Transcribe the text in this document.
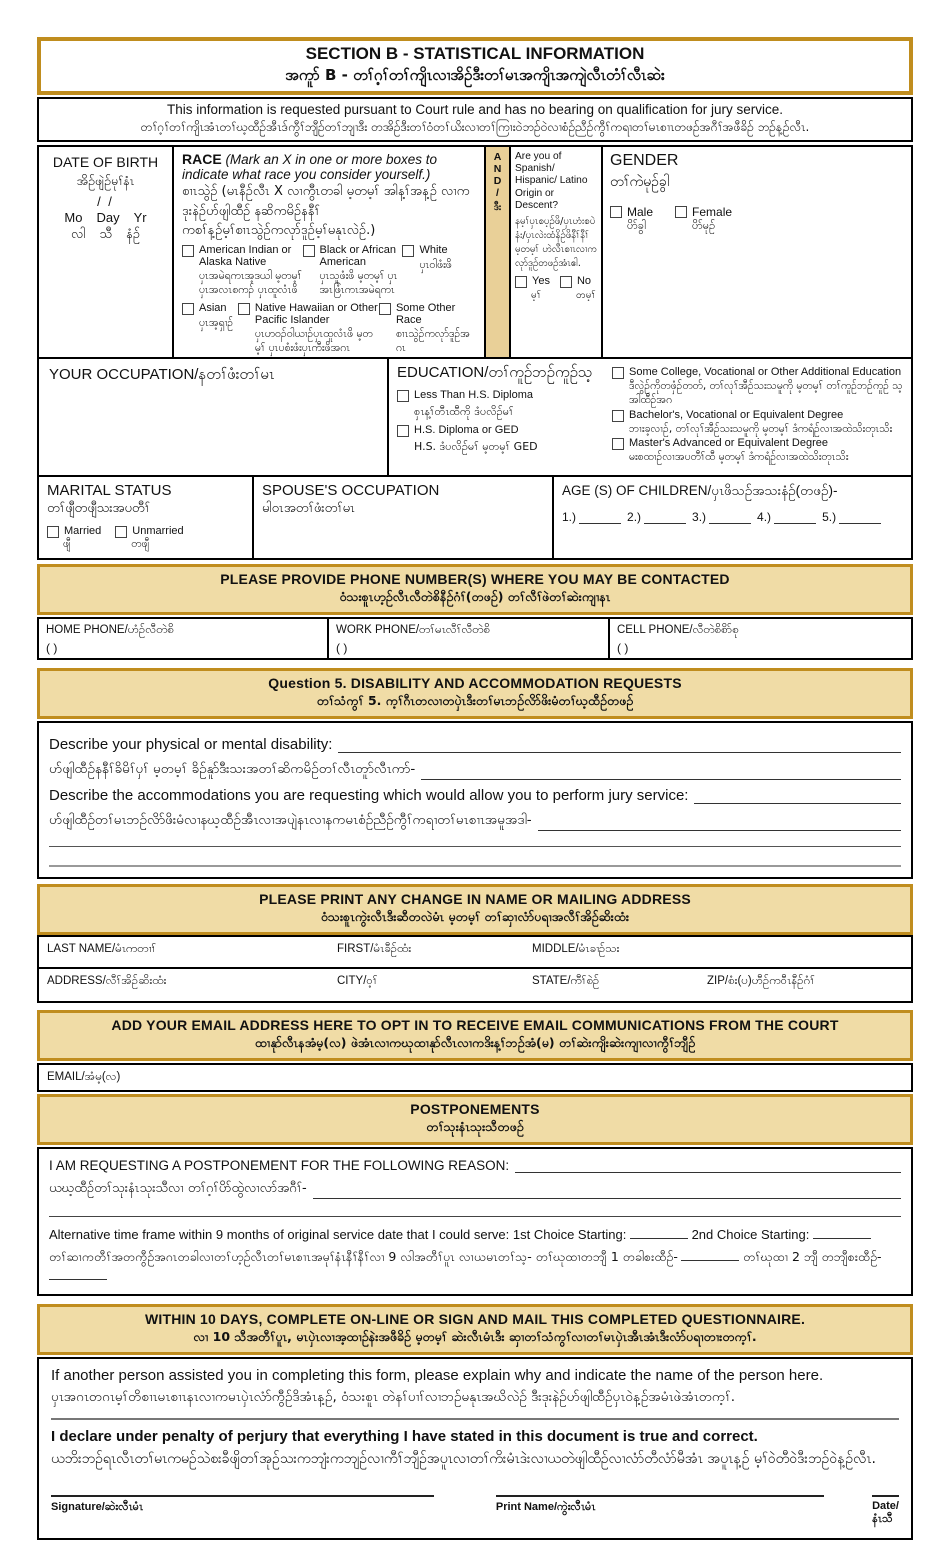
SECTION B - STATISTICAL INFORMATION
အကူာ် B - တၢ်ဂ့ၢ်တၢ်ကျိၤလၢအိဉ်ဒီးတၢ်မၤအကျိၤအကျဲလီၤတံၢ်လီၤဆဲး
This information is requested pursuant to Court rule and has no bearing on qualification for jury service.
တၢ်ဂ့ၢ်တၢ်ကျိၤအံၤတၢ်ဃ့ထီဉ်အီၤဒ်ကွီၢ်ဘျီဉ်တၢ်ဘျၢဒီး တအိဉ်ဒီးတၢ်ဝံတၢ်ယိးလၢတၢ်ကြၢးဝဲဘဉ်ဝဲလၢစံဉ်ညီဉ်ကွီၢ်ကရၢတၢ်မၤစၢၤတဖဉ်အဂီၢ်အဖီခိဉ် ဘဉ်န့ဉ်လီၤ.
DATE OF BIRTH
အိဉ်ဖျဲဉ်မုၢ်နံၤ
/ /
Mo Day Yr
လါ သီ နံဉ်
RACE (Mark an X in one or more boxes to indicate what race you consider yourself.)
စၢၤသွဲဉ် (မၤနီဉ်လီၤ X လၢကွီၤတခါ မ့တမ့ၢ် အါန့ၢ်အန့ဉ် လၢကဒုးနဲဉ်ဟ်ဖျါထီဉ် နဆိကမိဉ်နနီၢ်
ကစၢ်န့ဉ်မ့ၢ်စၢၤသွဲဉ်ကလုာ်ဒူဉ်မ့ၢ်မနုၤလဲဉ်.)
American Indian or Alaska Native
ပှၤအမဲရကၤအ့ဒယါ မ့တမ့ၢ် ပှၤအလၤစကၣ် ပှၤထူလံၤဖိ
Black or African American
ပှၤသူဖံးဖိ မ့တမ့ၢ် ပှၤအၤဖြံၤကၤအမဲရကၤ
White
ပှၤဝါဖံးဖိ
Asian
ပှၤအ့ရှၢဉ်
Native Hawaiian or Other Pacific Islander
ပှၤဟဝၣ်ဝါယၢဉ်ပှၤထူလံၤဖိ မ့တမ့ၢ် ပှၤပစံးဖံးပှၤကီးဖိအဂၤ
Some Other Race
စၢၤသွဲဉ်ကလုာ်ဒူဉ်အဂၤ
A
N
D
/
ဒီး
Are you of Spanish/ Hispanic/ Latino Origin or Descent?
နမ့ၢ်ပှၤစပ့ဉ်ဖိ/ပှၤဟံးစပဲနံး/ပှၤလဲးထံနိဉ်ဖိနီၢ်နီၢ် မ့တမ့ၢ် ဟဲလီၤစၢၤလၢကလုာ်ဒူဉ်တဖဉ်အံၤဧါ.
Yes
မ့ၢ်
No
တမ့ၢ်
GENDER
တၢ်ကဲမုဉ်ခွါ
Male
ပိာ်ခွါ
Female
ပိာ်မုဉ်
YOUR OCCUPATION/နတၢ်ဖံးတၢ်မၤ	EDUCATION/တၢ်ကူဉ်ဘဉ်ကူဉ်သ့
Less Than H.S. Diploma
စှၤန့ၢ်တီၤထီကို ဒံပလိဉ်မၢ်
H.S. Diploma or GED
H.S. ဒံပလိဉ်မၢ် မ့တမ့ၢ် GED
Some College, Vocational or Other Additional Education
ဒီလွဲဉ်ကိုတဖှံဉ်တတ်, တၢ်လုၢ်အီဉ်သးသမူကို မ့တမ့ၢ် တၢ်ကူဉ်ဘဉ်ကူဉ် သ့အါထီဉ်အဂ
Bachelor's, Vocational or Equivalent Degree
ဘၢးခ့လၢဉ်, တၢ်လုၢ်အီဉ်သးသမူကို မ့တမ့ၢ် ဒံကရံဉ်လၢအထဲသိးတုၤသိး
Master's Advanced or Equivalent Degree
မးစထၢဉ်လၢအပတီၢ်ထီ မ့တမ့ၢ် ဒံကရံဉ်လၢအထဲသိးတုၤသိး
MARITAL STATUS
တၢ်ဖျီတဖျီသးအပတီၢ်
Married
ဖျီ
Unmarried
တဖျီ
SPOUSE'S OCCUPATION
မါဝၤအတၢ်ဖံးတၢ်မၤ
AGE (S) OF CHILDREN/ပှၤဖိသဉ်အသးနံဉ်(တဖဉ်)-
1.)	2.)	3.)	4.)	5.)
PLEASE PROVIDE PHONE NUMBER(S) WHERE YOU MAY BE CONTACTED
ဝံသးစူၤဟ့ဉ်လီၤလီတဲစိနီဉ်ဂံၢ်(တဖဉ်) တၢ်လီၢ်ဖဲတၢ်ဆဲးကျၢနၤ
HOME PHONE/ဟံဉ်လီတဲစိ
( )
WORK PHONE/တၢ်မၤလီၢ်လီတဲစိ
( )
CELL PHONE/လီတဲစိစိာ်စု
( )
Question 5. DISABILITY AND ACCOMMODATION REQUESTS
တၢ်သံကွၢ် 5. က့ၢ်ဂီၤတလၢတပှဲၤဒီးတၢ်မၤဘဉ်လိာ်ဖိးမံတၢ်ဃ့ထီဉ်တဖဉ်
Describe your physical or mental disability:
ဟ်ဖျါထီဉ်နနီၢ်ခိမိၢ်ပှၢ် မ့တမ့ၢ် ခိဉ်နူာ်ဒီးသးအတၢ်ဆိကမိဉ်တၢ်လီၤတူာ်လီၤကာ်-
Describe the accommodations you are requesting which would allow you to perform jury service:
ဟ်ဖျါထီဉ်တၢ်မၤဘဉ်လိာ်ဖိးမံလၢနဃ့ထီဉ်အီၤလၢအပျဲနၤလၢနကမၤစံဉ်ညီဉ်ကွီၢ်ကရၢတၢ်မၤစၢၤအမူအဒါ-
PLEASE PRINT ANY CHANGE IN NAME OR MAILING ADDRESS
ဝံသးစူၤကွဲးလီၤဒီးဆီတလဲမံၤ မ့တမ့ၢ် တၢ်ဆှၢလံာ်ပရၢအလီၢ်အိဉ်ဆိးထံး
LAST NAME/မံၤကတၢၢ်	FIRST/မံၤခီဉ်ထံး	MIDDLE/မံၤခၢဉ်သး
ADDRESS/လီၢ်အိဉ်ဆိးထံး	CITY/ဝ့ၢ်	STATE/ကီၢ်စဲဉ်	ZIP/စံး(ပ)ဟီဉ်ကဝီၤနီဉ်ဂံၢ်
ADD YOUR EMAIL ADDRESS HERE TO OPT IN TO RECEIVE EMAIL COMMUNICATIONS FROM THE COURT
ထၢနုာ်လီၤနအံမ့(လ) ဖဲအံၤလၢကဃုထၢနုာ်လီၤလၢကဒိးန့ၢ်ဘဉ်အံ(မ) တၢ်ဆဲးကျိးဆဲးကျၢလၢကွီၢ်ဘျီဉ်
EMAIL/အံမ့(လ)
POSTPONEMENTS
တၢ်သုးနံၤသုးသီတဖဉ်
I AM REQUESTING A POSTPONEMENT FOR THE FOLLOWING REASON:
ယဃ့ထီဉ်တၢ်သုးနံၤသုးသီလၢ တၢ်ဂ့ၢ်ပိာ်ထွဲလၢလာ်အဂီၢ်-
Alternative time frame within 9 months of original service date that I could serve: 1st Choice Starting:	2nd Choice Starting:
တၢ်ဆၢကတီၢ်အတကွီဉ်အဂၤတခါလၢတၢ်ဟ့ဉ်လီၤတၢ်မၤစၢၤအမုၢ်နံၤနီၢ်နီၢ်လၢ 9 လါအတီၢ်ပူၤ လၢယမၤတၢ်သ့- တၢ်ဃုထၢတဘျီ 1 တခါစးထီဉ်-	တၢ်ဃုထၢ 2 ဘျီ တဘျီစးထီဉ်-
WITHIN 10 DAYS, COMPLETE ON-LINE OR SIGN AND MAIL THIS COMPLETED QUESTIONNAIRE.
လၢ 10 သီအတီၢ်ပူၤ, မၤပှဲၤလၢအ့ထၢဉ်နဲးအဖီခိဉ် မ့တမ့ၢ် ဆဲးလီၤမံၤဒီး ဆှၢတၢ်သံကွၢ်လၢတၢ်မၤပှဲၤအီၤအံၤဒီးလံာ်ပရၢတၢးတက့ၢ်.
If another person assisted you in completing this form, please explain why and indicate the name of the person here.
ပှၤအဂၤတဂၤမ့ၢ်တိစၢၤမၤစၢၤနၤလၢကမၤပှဲၤလံာ်ကွီဉ်ဒိအံၤန့ဉ်, ဝံသးစူၤ တဲနၢ်ပၢၢ်လၢဘဉ်မနုၤအဃိလဲဉ် ဒီးဒုးနဲဉ်ဟ်ဖျါထီဉ်ပှၤဝဲန့ဉ်အမံၤဖဲအံၤတက့ၢ်.
I declare under penalty of perjury that everything I have stated in this document is true and correct.
ယဘိးဘဉ်ရၤလီၤတၢ်မၤကမဉ်သဲစးခီဖျိတၢ်အုဉ်သးကဘျံးကဘျဉ်လၢကီၢ်ဘျီဉ်အပူၤလၢတၢ်ကိးမံၤဒဲးလၢယတဲဖျါထီဉ်လၢလံာ်တီလံာ်မီအံၤ အပူၤန့ဉ် မ့ၢ်ဝဲတီဝဲဒီးဘဉ်ဝဲန့ဉ်လီၤ.
Signature/ဆဲးလီၤမံၤ	Print Name/ကွဲးလီၤမံၤ	Date/နံၤသီ
